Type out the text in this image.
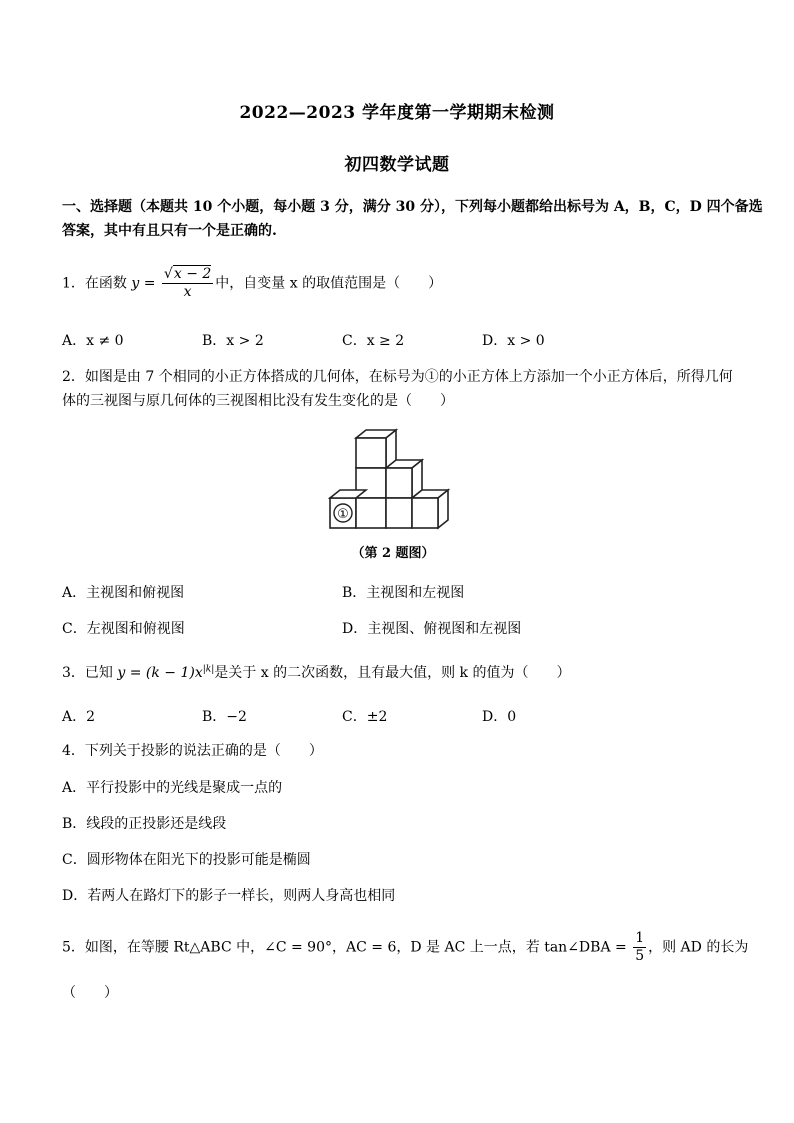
2022—2023 学年度第一学期期末检测
初四数学试题
一、选择题（本题共 10 个小题，每小题 3 分，满分 30 分），下列每小题都给出标号为 A，B，C，D 四个备选
答案，其中有且只有一个是正确的.
1．在函数 $y = \frac{√x - 2}{x}$ 中，自变量 x 的取值范围是（　　）
A．x ≠ 0	B．x > 2	C．x ≥ 2	D．x > 0
2．如图是由 7 个相同的小正方体搭成的几何体，在标号为①的小正方体上方添加一个小正方体后，所得几何
体的三视图与原几何体的三视图相比没有发生变化的是（　　）
①
（第 2 题图）
A．主视图和俯视图	B．主视图和左视图
C．左视图和俯视图	D．主视图、俯视图和左视图
3．已知 $y = (k - 1)x^{|k|}$是关于 x 的二次函数，且有最大值，则 k 的值为（　　）
A．2	B．−2	C．±2	D．0
4．下列关于投影的说法正确的是（　　）
A．平行投影中的光线是聚成一点的
B．线段的正投影还是线段
C．圆形物体在阳光下的投影可能是椭圆
D．若两人在路灯下的影子一样长，则两人身高也相同
5．如图，在等腰 Rt△ABC 中，∠C = 90°，AC = 6，D 是 AC 上一点，若 tan∠DBA = $\frac{1}{5}$ ，则 AD 的长为
（　　）
